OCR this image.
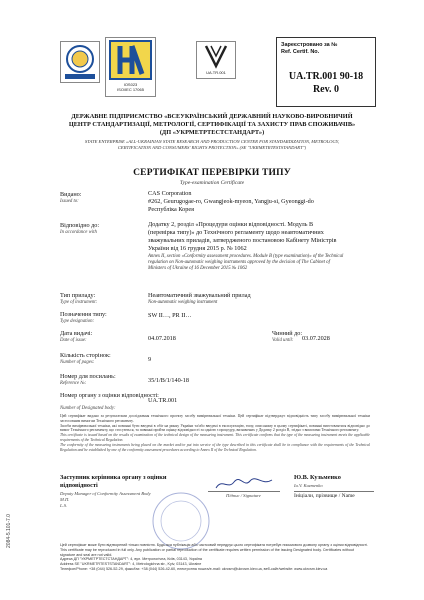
IOS023
ISO/IEC 17065
UA.TR.001
Зареєстровано за №
Ref. Certif. No.
UA.TR.001 90-18
Rev. 0
ДЕРЖАВНЕ ПІДПРИЄМСТВО «ВСЕУКРАЇНСЬКИЙ ДЕРЖАВНИЙ НАУКОВО-ВИРОБНИЧИЙ
ЦЕНТР СТАНДАРТИЗАЦІЇ, МЕТРОЛОГІЇ, СЕРТИФІКАЦІЇ ТА ЗАХИСТУ ПРАВ СПОЖИВАЧІВ»
(ДП «УКРМЕТРТЕСТСТАНДАРТ»)
STATE ENTERPRISE «ALL-UKRAINIAN STATE RESEARCH AND PRODUCTION CENTER FOR STANDARDIZATION, METROLOGY,
CERTIFICATION AND CONSUMERS' RIGHTS PROTECTION» (SE "UKRMETRTESTSTANDART")
СЕРТИФІКАТ ПЕРЕВІРКИ ТИПУ
Type-examination Certificate
Видано:
Issued to:
CAS Corporation
#262, Geurugogae-ro, Gwangjeok-myeon, Yangju-si, Gyeonggi-do
Республіка Корея
Відповідно до:
In accordance with
Додатку 2, розділ «Процедури оцінки відповідності. Модуль В
(перевірка типу)» до Технічного регламенту щодо неавтоматичних
зважувальних приладів, затвердженого постановою Кабінету Міністрів
України від 16 грудня 2015 р. № 1062
Annex II, section «Conformity assessment procedures. Module B (type examination)» of the Technical
regulation on Non-automatic weighing instruments approved by the decision of The Cabinet of
Ministers of Ukraine of 16 December 2015 № 1062
Тип приладу:
Type of instrument:
Неавтоматичний зважувальний прилад
Non-automatic weighing instrument
Позначення типу:
Type designation:
SW II…, PR II…
Дата видачі:
Date of issue:	04.07.2018
Чинний до:
Valid until: 03.07.2028
Кількість сторінок:
Number of pages:	9
Номер для посилань:
Reference №:	35/1/В/1/140-18
Номер органу з оцінки відповідності:
Number of Designated body:
UA.TR.001
Цей сертифікат видано за результатами дослідження технічного проекту засобу вимірювальної техніки. Цей сертифікат підтверджує відповідність типу засобу вимірювальної техніки застосовним вимогам Технічного регламенту.
Засоби вимірювальної техніки, які повинні бути введені в обіг на ринку України та/або введені в експлуатацію, типу, описаному в цьому сертифікаті, повинні виготовлятися відповідно до вимог Технічного регламенту, що стосуються, та повинні пройти оцінку відповідності за однією з процедур, визначених у Додатку 2 розділ B, згідно з вимогами Технічного регламенту.
This certificate is issued based on the results of examination of the technical design of the measuring instrument. This certificate confirms that the type of the measuring instrument meets the applicable requirements of the Technical Regulation.
The conformity of the measuring instruments being placed on the market and/or put into service of the type described in this certificate shall be in compliance with the requirements of the Technical Regulation and be established by one of the conformity assessment procedures according to Annex II of the Technical Regulation.
Заступник керівника органу з оцінки
відповідності
Deputy Manager of Conformity Assessment Body
М.П.
L.S.
Підпис / Signature
Ю.В. Кузьменко
Iu.V. Kuzmenko
Ініціали, прізвище / Name
Цей сертифікат може бути відтворений тільки повністю. Будь-яка публікація або частковий передрук цього сертифіката потребує письмового дозволу органу з оцінки відповідності.
This certificate may be reproduced in full only. Any publication or partial reproduction of the certificate requires written permission of the issuing Designated body. Certificates without signature and seal are not valid.
Адреса ДП "УКРМЕТРТЕСТСТАНДАРТ": 4, вул. Метрологічна, Київ, 03143, Україна
Address SE "UKRMETRTESTSTANDART": 4, Metrologichna str., Kyiv, 03143, Ukraine
Телефон/Phone: +38 (044) 526-52-29, факс/fax: +38 (044) 526-42-60, електронна пошта/e-mail: ukrcsm@ukrcsm.kiev.ua, веб-сайт/website: www.ukrcsm.kiev.ua
2084-5.101-7.0
